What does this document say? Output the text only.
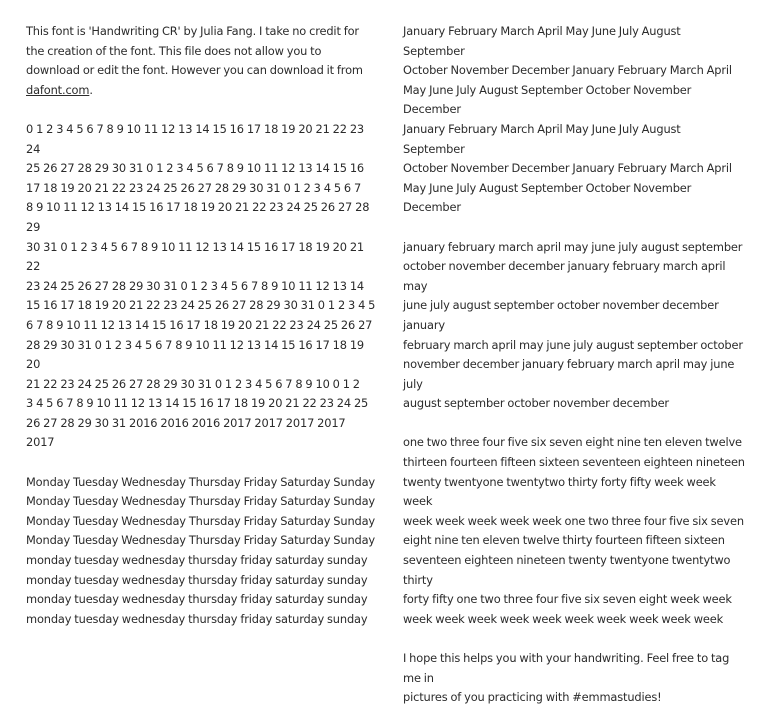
This font is 'Handwriting CR' by Julia Fang. I take no credit for the creation of the font. This file does not allow you to download or edit the font. However you can download it from dafont.com.

0 1 2 3 4 5 6 7 8 9 10 11 12 13 14 15 16 17 18 19 20 21 22 23 24
25 26 27 28 29 30 31 0 1 2 3 4 5 6 7 8 9 10 11 12 13 14 15 16
17 18 19 20 21 22 23 24 25 26 27 28 29 30 31 0 1 2 3 4 5 6 7
8 9 10 11 12 13 14 15 16 17 18 19 20 21 22 23 24 25 26 27 28 29
30 31 0 1 2 3 4 5 6 7 8 9 10 11 12 13 14 15 16 17 18 19 20 21 22
23 24 25 26 27 28 29 30 31 0 1 2 3 4 5 6 7 8 9 10 11 12 13 14
15 16 17 18 19 20 21 22 23 24 25 26 27 28 29 30 31 0 1 2 3 4 5
6 7 8 9 10 11 12 13 14 15 16 17 18 19 20 21 22 23 24 25 26 27
28 29 30 31 0 1 2 3 4 5 6 7 8 9 10 11 12 13 14 15 16 17 18 19 20
21 22 23 24 25 26 27 28 29 30 31 0 1 2 3 4 5 6 7 8 9 10 0 1 2
3 4 5 6 7 8 9 10 11 12 13 14 15 16 17 18 19 20 21 22 23 24 25
26 27 28 29 30 31 2016 2016 2016 2017 2017 2017 2017 2017

Monday Tuesday Wednesday Thursday Friday Saturday Sunday
Monday Tuesday Wednesday Thursday Friday Saturday Sunday
Monday Tuesday Wednesday Thursday Friday Saturday Sunday
Monday Tuesday Wednesday Thursday Friday Saturday Sunday
monday tuesday wednesday thursday friday saturday sunday
monday tuesday wednesday thursday friday saturday sunday
monday tuesday wednesday thursday friday saturday sunday
monday tuesday wednesday thursday friday saturday sunday

January February March April May June July August September
October November December January February March April
May June July August September October November December
January February March April May June July August September
October November December January February March April
May June July August September October November December

january february march april may june july august september
october november december january february march april may
june july august september october november december january
february march april may june july august september october
november december january february march april may june july
august september october november december

one two three four five six seven eight nine ten eleven twelve
thirteen fourteen fifteen sixteen seventeen eighteen nineteen
twenty twentyone twentytwo thirty forty fifty week week week
week week week week week one two three four five six seven
eight nine ten eleven twelve thirty fourteen fifteen sixteen
seventeen eighteen nineteen twenty twentyone twentytwo thirty
forty fifty one two three four five six seven eight week week
week week week week week week week week week week

I hope this helps you with your handwriting. Feel free to tag me in
pictures of you practicing with #emmastudies!
